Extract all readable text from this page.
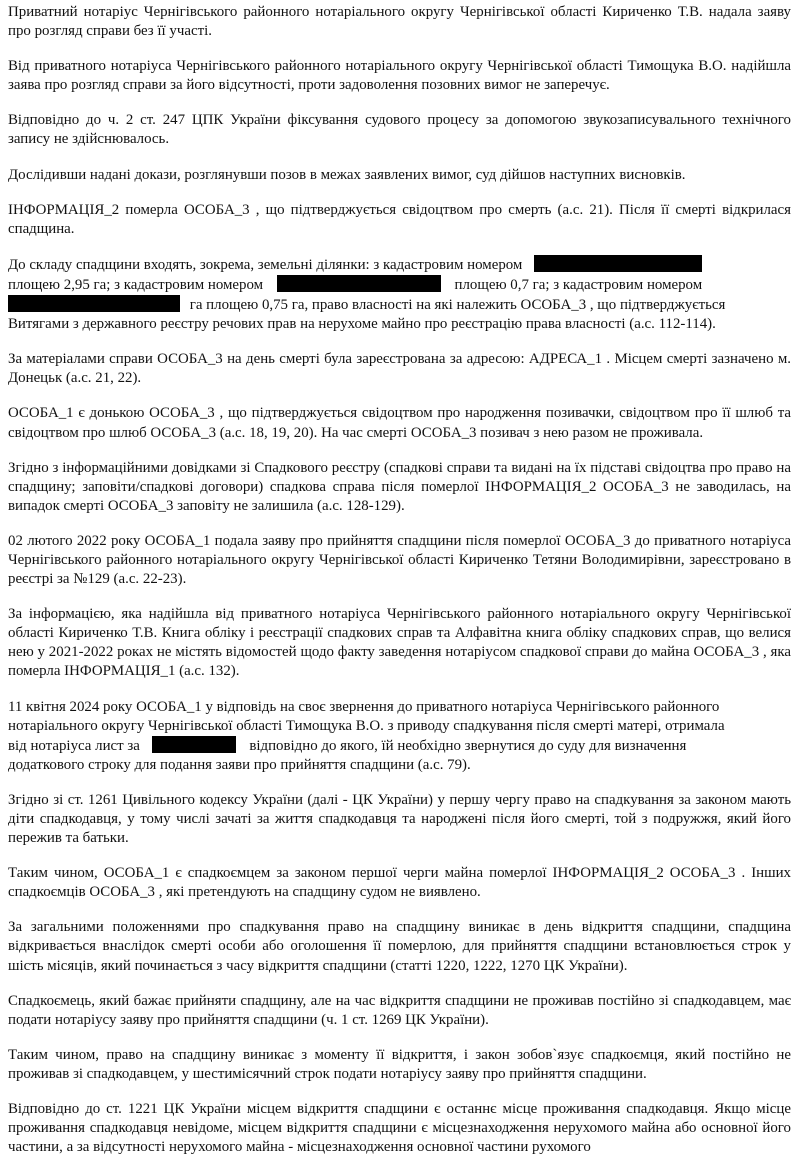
Приватний нотаріус Чернігівського районного нотаріального округу Чернігівської області Кириченко Т.В. надала заяву про розгляд справи без її участі.

Від приватного нотаріуса Чернігівського районного нотаріального округу Чернігівської області Тимощука В.О. надійшла заява про розгляд справи за його відсутності, проти задоволення позовних вимог не заперечує.

Відповідно до ч. 2 ст. 247 ЦПК України фіксування судового процесу за допомогою звукозаписувального технічного запису не здійснювалось.

Дослідивши надані докази, розглянувши позов в межах заявлених вимог, суд дійшов наступних висновків.

ІНФОРМАЦІЯ_2 померла ОСОБА_3 , що підтверджується свідоцтвом про смерть (а.с. 21). Після її смерті відкрилася спадщина.

До складу спадщини входять, зокрема, земельні ділянки: з кадастровим номером
площею 2,95 га; з кадастровим номером	площею 0,7 га; з кадастровим номером
га площею 0,75 га, право власності на які належить ОСОБА_3 , що підтверджується
Витягами з державного реєстру речових прав на нерухоме майно про реєстрацію права власності (а.с. 112-114).

За матеріалами справи ОСОБА_3 на день смерті була зареєстрована за адресою: АДРЕСА_1 . Місцем смерті зазначено м. Донецьк (а.с. 21, 22).

ОСОБА_1 є донькою ОСОБА_3 , що підтверджується свідоцтвом про народження позивачки, свідоцтвом про її шлюб та свідоцтвом про шлюб ОСОБА_3 (а.с. 18, 19, 20). На час смерті ОСОБА_3 позивач з нею разом не проживала.

Згідно з інформаційними довідками зі Спадкового реєстру (спадкові справи та видані на їх підставі свідоцтва про право на спадщину; заповіти/спадкові договори) спадкова справа після померлої ІНФОРМАЦІЯ_2 ОСОБА_3 не заводилась, на випадок смерті ОСОБА_3 заповіту не залишила (а.с. 128-129).

02 лютого 2022 року ОСОБА_1 подала заяву про прийняття спадщини після померлої ОСОБА_3 до приватного нотаріуса Чернігівського районного нотаріального округу Чернігівської області Кириченко Тетяни Володимирівни, зареєстровано в реєстрі за №129 (а.с. 22-23).

За інформацією, яка надійшла від приватного нотаріуса Чернігівського районного нотаріального округу Чернігівської області Кириченко Т.В. Книга обліку і реєстрації спадкових справ та Алфавітна книга обліку спадкових справ, що велися нею у 2021-2022 роках не містять відомостей щодо факту заведення нотаріусом спадкової справи до майна ОСОБА_3 , яка померла ІНФОРМАЦІЯ_1 (а.с. 132).

11 квітня 2024 року ОСОБА_1 у відповідь на своє звернення до приватного нотаріуса Чернігівського районного
нотаріального округу Чернігівської області Тимощука В.О. з приводу спадкування після смерті матері, отримала
від нотаріуса лист за	відповідно до якого, їй необхідно звернутися до суду для визначення
додаткового строку для подання заяви про прийняття спадщини (а.с. 79).

Згідно зі ст. 1261 Цивільного кодексу України (далі - ЦК України) у першу чергу право на спадкування за законом мають діти спадкодавця, у тому числі зачаті за життя спадкодавця та народжені після його смерті, той з подружжя, який його пережив та батьки.

Таким чином, ОСОБА_1 є спадкоємцем за законом першої черги майна померлої ІНФОРМАЦІЯ_2 ОСОБА_3 . Інших спадкоємців ОСОБА_3 , які претендують на спадщину судом не виявлено.

За загальними положеннями про спадкування право на спадщину виникає в день відкриття спадщини, спадщина відкривається внаслідок смерті особи або оголошення її померлою, для прийняття спадщини встановлюється строк у шість місяців, який починається з часу відкриття спадщини (статті 1220, 1222, 1270 ЦК України).

Спадкоємець, який бажає прийняти спадщину, але на час відкриття спадщини не проживав постійно зі спадкодавцем, має подати нотаріусу заяву про прийняття спадщини (ч. 1 ст. 1269 ЦК України).

Таким чином, право на спадщину виникає з моменту її відкриття, і закон зобов`язує спадкоємця, який постійно не проживав зі спадкодавцем, у шестимісячний строк подати нотаріусу заяву про прийняття спадщини.

Відповідно до ст. 1221 ЦК України місцем відкриття спадщини є останнє місце проживання спадкодавця. Якщо місце проживання спадкодавця невідоме, місцем відкриття спадщини є місцезнаходження нерухомого майна або основної його частини, а за відсутності нерухомого майна - місцезнаходження основної частини рухомого
